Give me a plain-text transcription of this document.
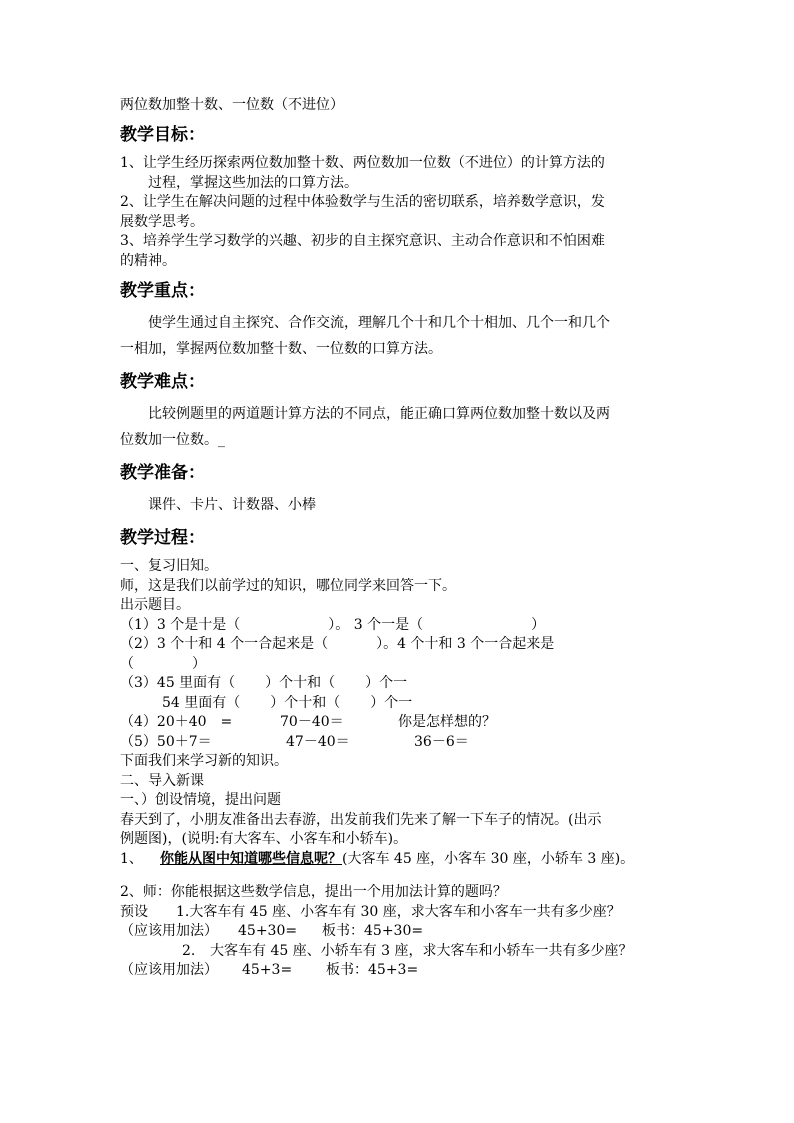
两位数加整十数、一位数（不进位）
教学目标：
1、让学生经历探索两位数加整十数、两位数加一位数（不进位）的计算方法的
过程，掌握这些加法的口算方法。
2、让学生在解决问题的过程中体验数学与生活的密切联系，培养数学意识，发
展数学思考。
3、培养学生学习数学的兴趣、初步的自主探究意识、主动合作意识和不怕困难
的精神。
教学重点：
使学生通过自主探究、合作交流，理解几个十和几个十相加、几个一和几个
一相加，掌握两位数加整十数、一位数的口算方法。
教学难点：
比较例题里的两道题计算方法的不同点，能正确口算两位数加整十数以及两
位数加一位数。_
教学准备：
课件、卡片、计数器、小棒
教学过程：
一、复习旧知。
师，这是我们以前学过的知识，哪位同学来回答一下。
出示题目。
（1）3 个是十是（	）。 3 个一是（	）
（2）3 个十和 4 个一合起来是（	）。4 个十和 3 个一合起来是
（	）
（3）45 里面有（ ）个十和（ ）个一
54 里面有（ ）个十和（ ）个一
（4）20＋40　=	70－40＝	你是怎样想的？
（5）50＋7＝	47－40＝	36－6＝
下面我们来学习新的知识。
二、导入新课
一、）创设情境，提出问题
春天到了，小朋友准备出去春游，出发前我们先来了解一下车子的情况。(出示
例题图)，(说明:有大客车、小客车和小轿车)。
1、 你能从图中知道哪些信息呢？(大客车 45 座，小客车 30 座，小轿车 3 座)。
2、师：你能根据这些数学信息，提出一个用加法计算的题吗？
预设 1.大客车有 45 座、小客车有 30 座，求大客车和小客车一共有多少座？
（应该用加法） 45+30= 板书：45+30=
2. 大客车有 45 座、小轿车有 3 座，求大客车和小轿车一共有多少座？
（应该用加法） 45+3= 板书：45+3=
